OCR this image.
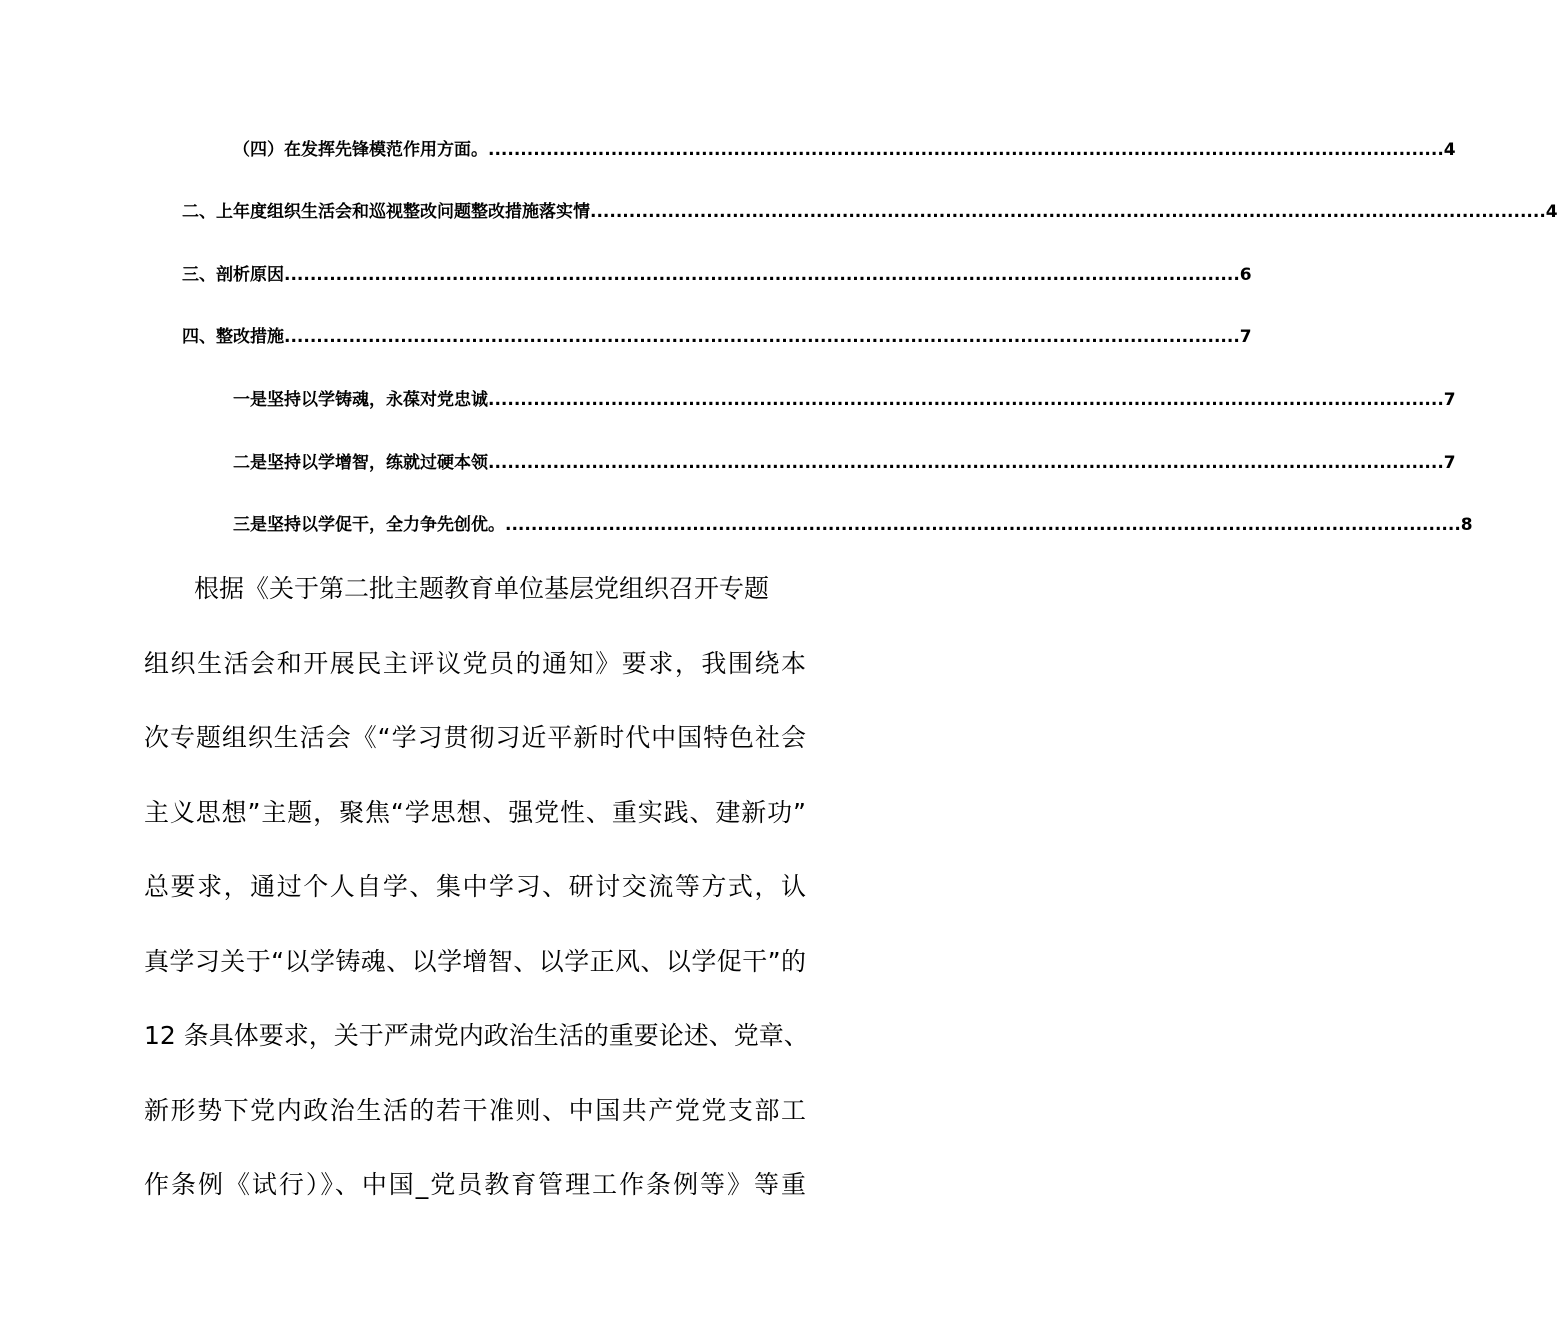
（四）在发挥先锋模范作用方面。 .................................................................................................................................................... 4
二、上年度组织生活会和巡视整改问题整改措施落实情 .................................................................................................................................................... 4
三、剖析原因 .................................................................................................................................................... 6
四、整改措施 .................................................................................................................................................... 7
一是坚持以学铸魂，永葆对党忠诚 .................................................................................................................................................... 7
二是坚持以学增智，练就过硬本领 .................................................................................................................................................... 7
三是坚持以学促干，全力争先创优。 .................................................................................................................................................... 8
根据《关于第二批主题教育单位基层党组织召开专题
组织生活会和开展民主评议党员的通知》要求，我围绕本
次专题组织生活会《“学习贯彻习近平新时代中国特色社会
主义思想”主题，聚焦“学思想、强党性、重实践、建新功”
总要求，通过个人自学、集中学习、研讨交流等方式，认
真学习关于“以学铸魂、以学增智、以学正风、以学促干”的
12 条具体要求，关于严肃党内政治生活的重要论述、党章、
新形势下党内政治生活的若干准则、中国共产党党支部工
作条例《试行）》、中国_党员教育管理工作条例等》等重
